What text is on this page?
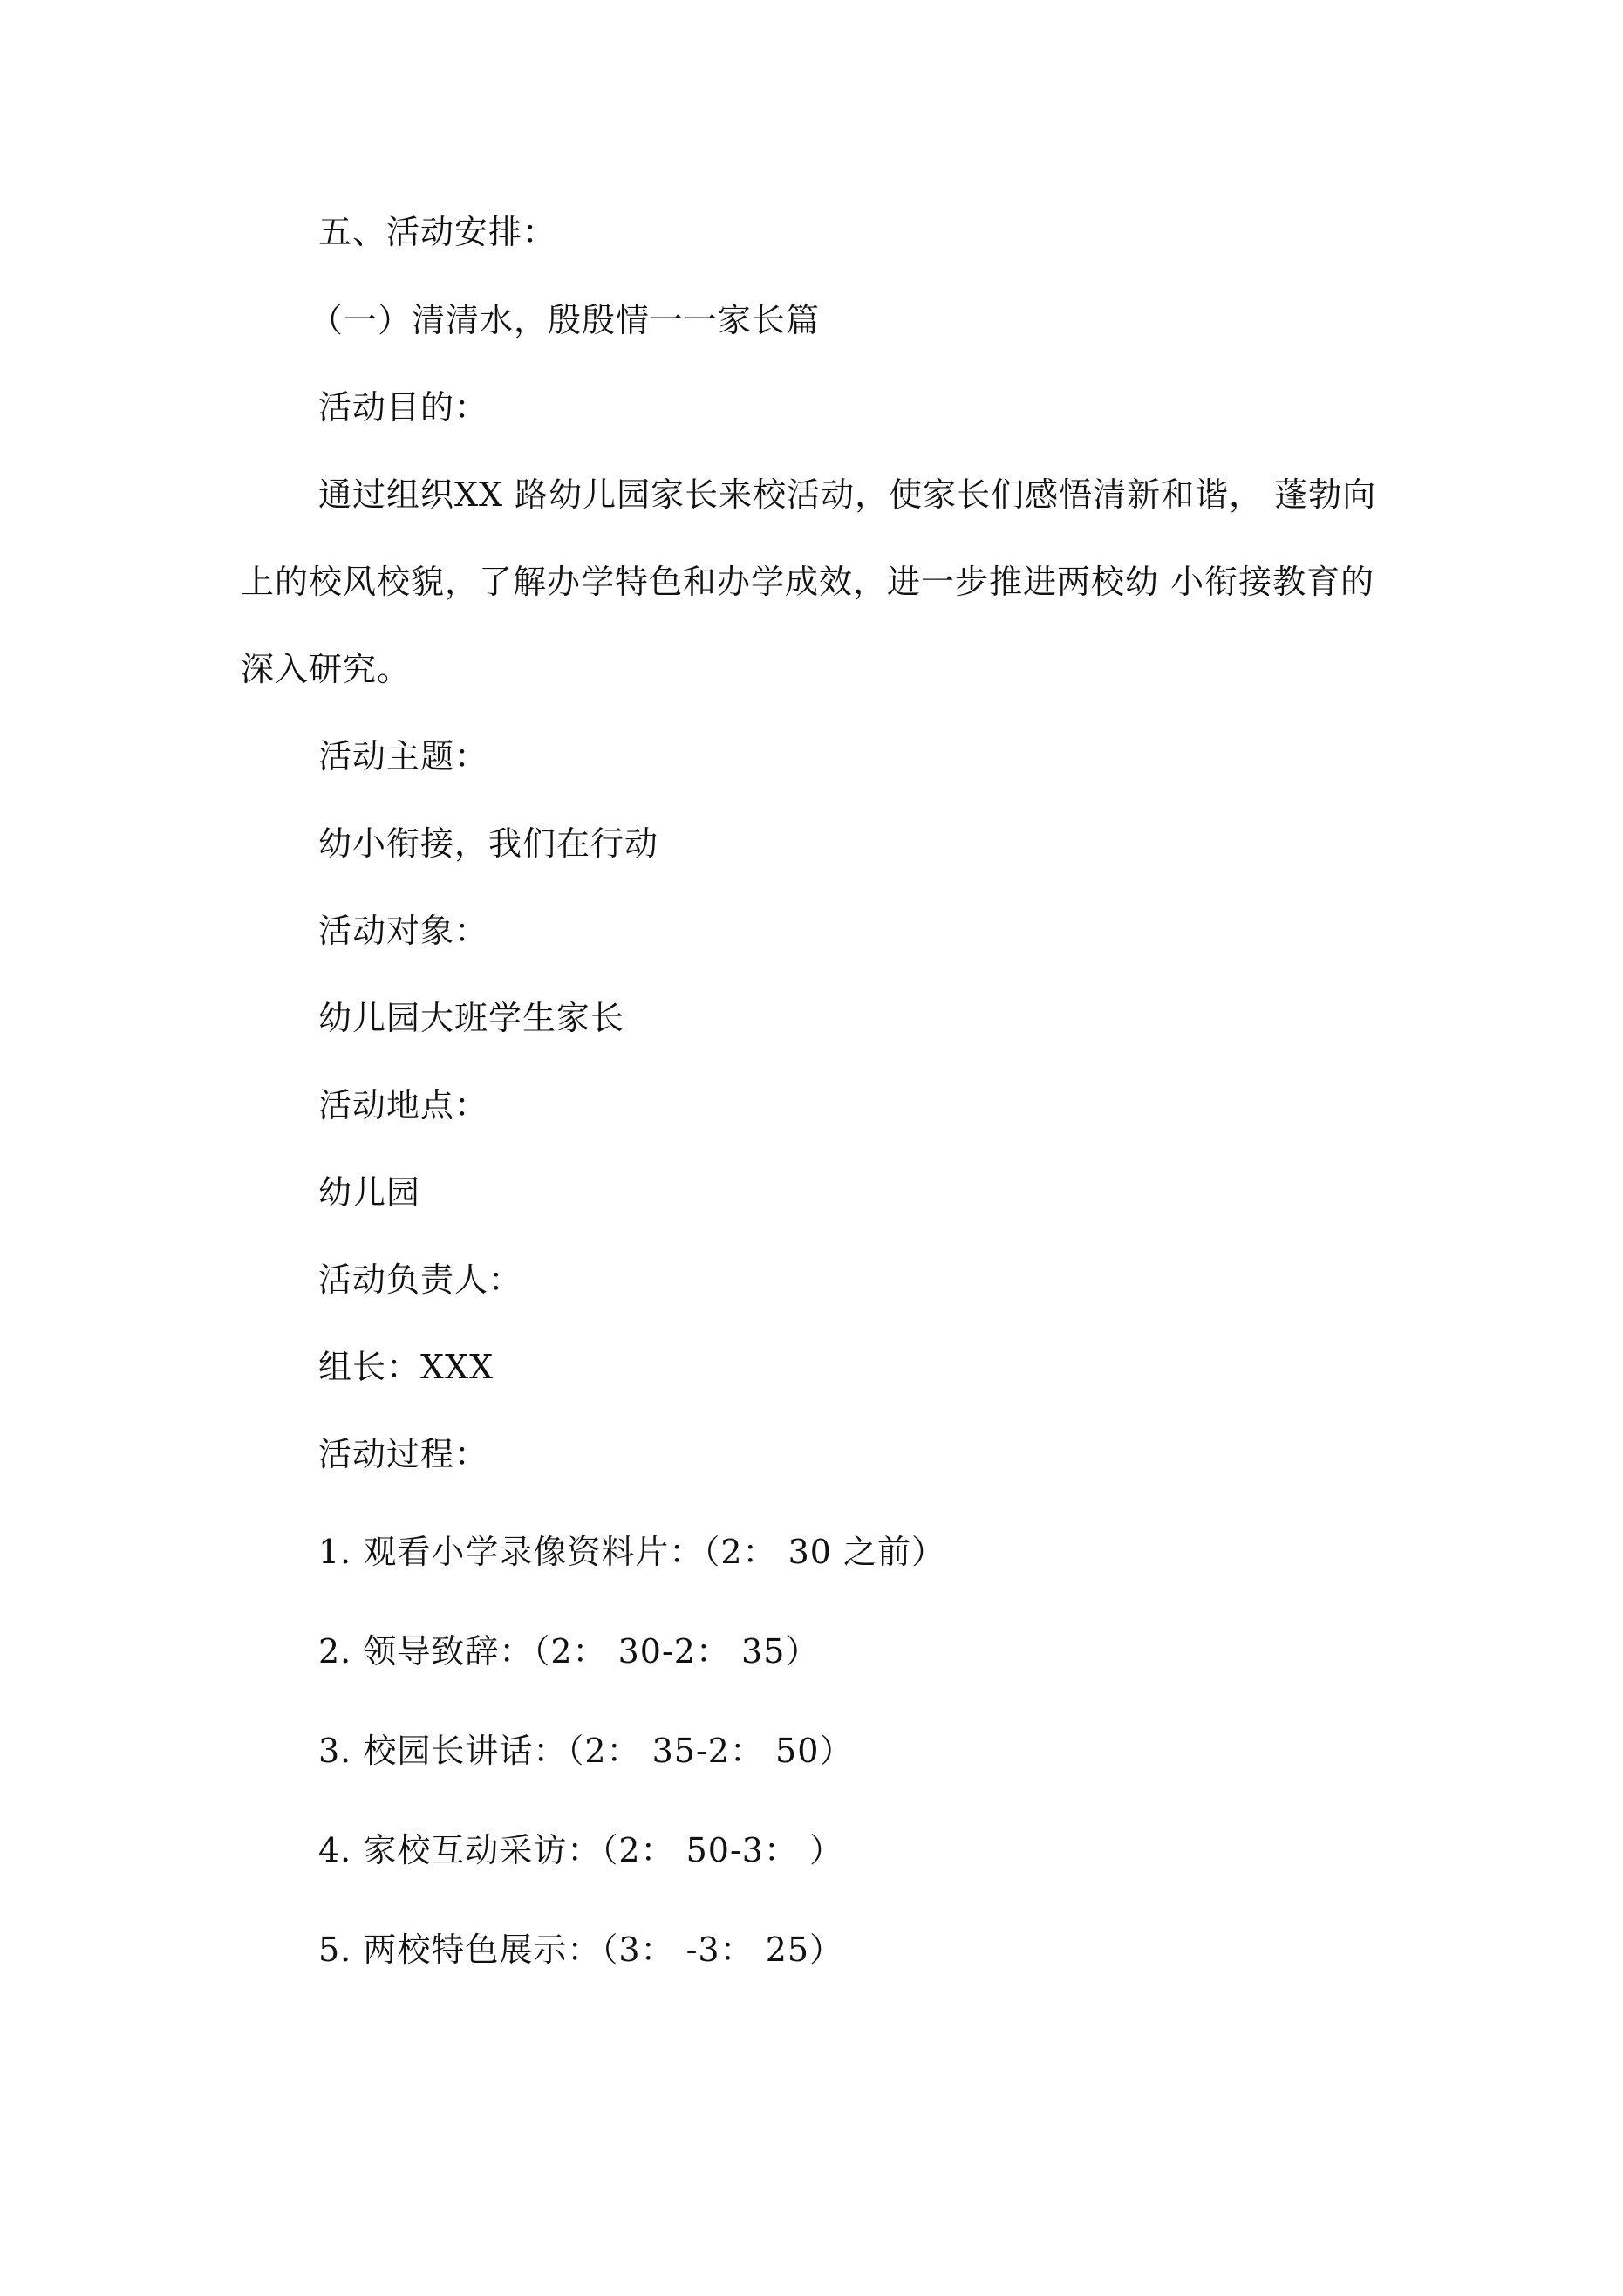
五、活动安排：
（一）清清水，殷殷情一一家长篇
活动目的：
通过组织XX 路幼儿园家长来校活动，使家长们感悟清新和谐， 蓬勃向
上的校风校貌，了解办学特色和办学成效，进一步推进两校幼 小衔接教育的
深入研究。
活动主题：
幼小衔接，我们在行动
活动对象：
幼儿园大班学生家长
活动地点：
幼儿园
活动负责人：
组长：XXX
活动过程：
1. 观看小学录像资料片：（2： 30 之前）
2. 领导致辞：（2： 30-2： 35）
3. 校园长讲话：（2： 35-2： 50）
4. 家校互动采访：（2： 50-3： ）
5. 两校特色展示：（3： -3： 25）
